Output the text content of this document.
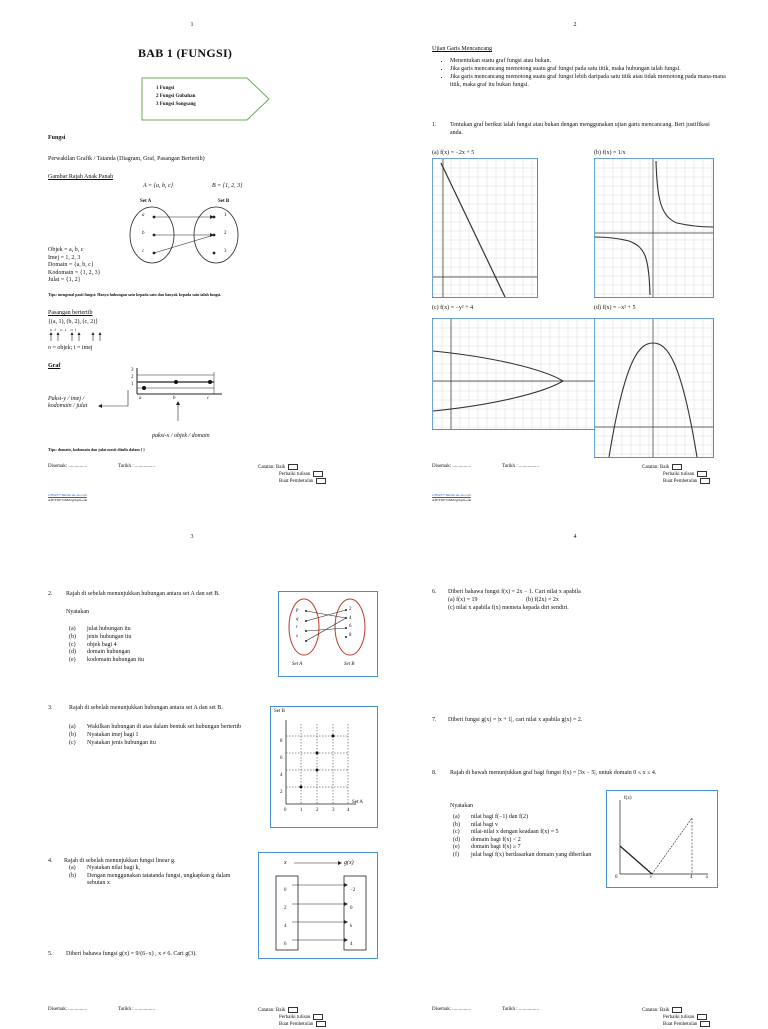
1
BAB 1 (FUNGSI)
1 Fungsi
2 Fungsi Gubahan
3 Fungsi Songsang
Fungsi
Perwakilan Grafik / Tatanda (Diagram, Graf, Pasangan Bertertib)
Gambar Rajah Anak Panah
A = {a, b, c}	B = {1, 2, 3}
Set A	Set B
a
b
c
1
2
3
Objek = a, b, c
Imej = 1, 2, 3
Domain = {a, b, c}
Kodomain = {1, 2, 3}
Julat = {1, 2}
Tips: mengenal pasti fungsi: Hanya hubungan satu kepada satu dan banyak kepada satu ialah fungsi.
Pasangan bertertib
{(a, 1), (b, 2), (c, 2)}
o  i    o  i    o  i
o = objek; i = imej
Graf
3
2
1
a	b	c
Paksi-y / imej / kodomain / julat
paksi-x / objek / domain
Tips: domain, kodomain dan julat mesti ditulis dalam { }
Disemak: ...............	Tarikh : ................	Catatan: Baik
Perbaiki tulisan
Buat Pembetulan
e78023776#emr-ek-ok.com
ATE3387720832@kpm.edu
2
Ujian Garis Mencancang
• Menentukan suatu graf fungsi atau bukan.
• Jika garis mencancang memotong suatu graf fungsi pada satu titik, maka hubungan ialah fungsi.
• Jika garis mencancang memotong suatu graf fungsi lebih daripada satu titik atau tidak memotong pada mana-mana titik, maka graf itu bukan fungsi.
1. Tentukan graf berikut ialah fungsi atau bukan dengan menggunakan ujian garis mencancang. Beri justifikasi anda.
(a) f(x) = −2x + 5	(b) f(x) = 1/x
(c) f(x) = −y² + 4	(d) f(x) = −x² + 5
Disemak: ...............	Tarikh : ................	Catatan: Baik
Perbaiki tulisan
Buat Pembetulan
e78023776#emr-ek-ok.com
ATE3387720832@kpm.edu
3
2. Rajah di sebelah menunjukkan hubungan antara set A dan set B.
Nyatakan
(a)	julat hubungan itu
(b)	jenis hubungan itu
(c)	objek bagi 4
(d)	domain hubungan
(e)	kodomain hubungan itu
p
q
r
s
2
4
6
8
Set A	Set B
3.	Rajah di sebelah menunjukkan hubungan antara set A dan set B.
(a)	Wakilkan hubungan di atas dalam bentuk set hubungan bertertib
(b)	Nyatakan imej bagi 1
(c)	Nyatakan jenis hubungan itu
Set B
Set A
8
6
4
2
0	1	2	3	4
4. Rajah di sebelah menunjukkan fungsi linear g.
(a)	Nyatakan nilai bagi k,
(b)	Dengan menggunakan tatatanda fungsi, ungkapkan g dalam sebutan x
x	g(x)
0
2
4
6
−2
0
k
4
5. Diberi bahawa fungsi g(x) = 9/(6−x) , x ≠ 6. Cari g(3).
Disemak: ...............	Tarikh : ................	Catatan: Baik
Perbaiki tulisan
Buat Pembetulan
4
6. Diberi bahawa fungsi f(x) = 2x − 1. Cari nilai x apabila
(a) f(x) = 19	(b) f(2x) = 2x
(c) nilai x apabila f(x) memeta kepada diri sendiri.
7. Diberi fungsi g(x) = |x + 1|, cari nilai x apabila g(x) = 2.
8. Rajah di bawah menunjukkan graf bagi fungsi f(x) = |3x − 5|, untuk domain 0 ≤ x ≤ 4.
Nyatakan
(a)	nilai bagi f(−1) dan f(2)
(b)	nilai bagi v
(c)	nilai-nilai x dengan keadaan f(x) = 5
(d)	domain bagi f(x) < 2
(e)	domain bagi f(x) ≥ 7
(f)	julat bagi f(x) berdasarkan domain yang diberikan
f(x)
x
0	v	4
Disemak: ...............	Tarikh : ................	Catatan: Baik
Perbaiki tulisan
Buat Pembetulan
